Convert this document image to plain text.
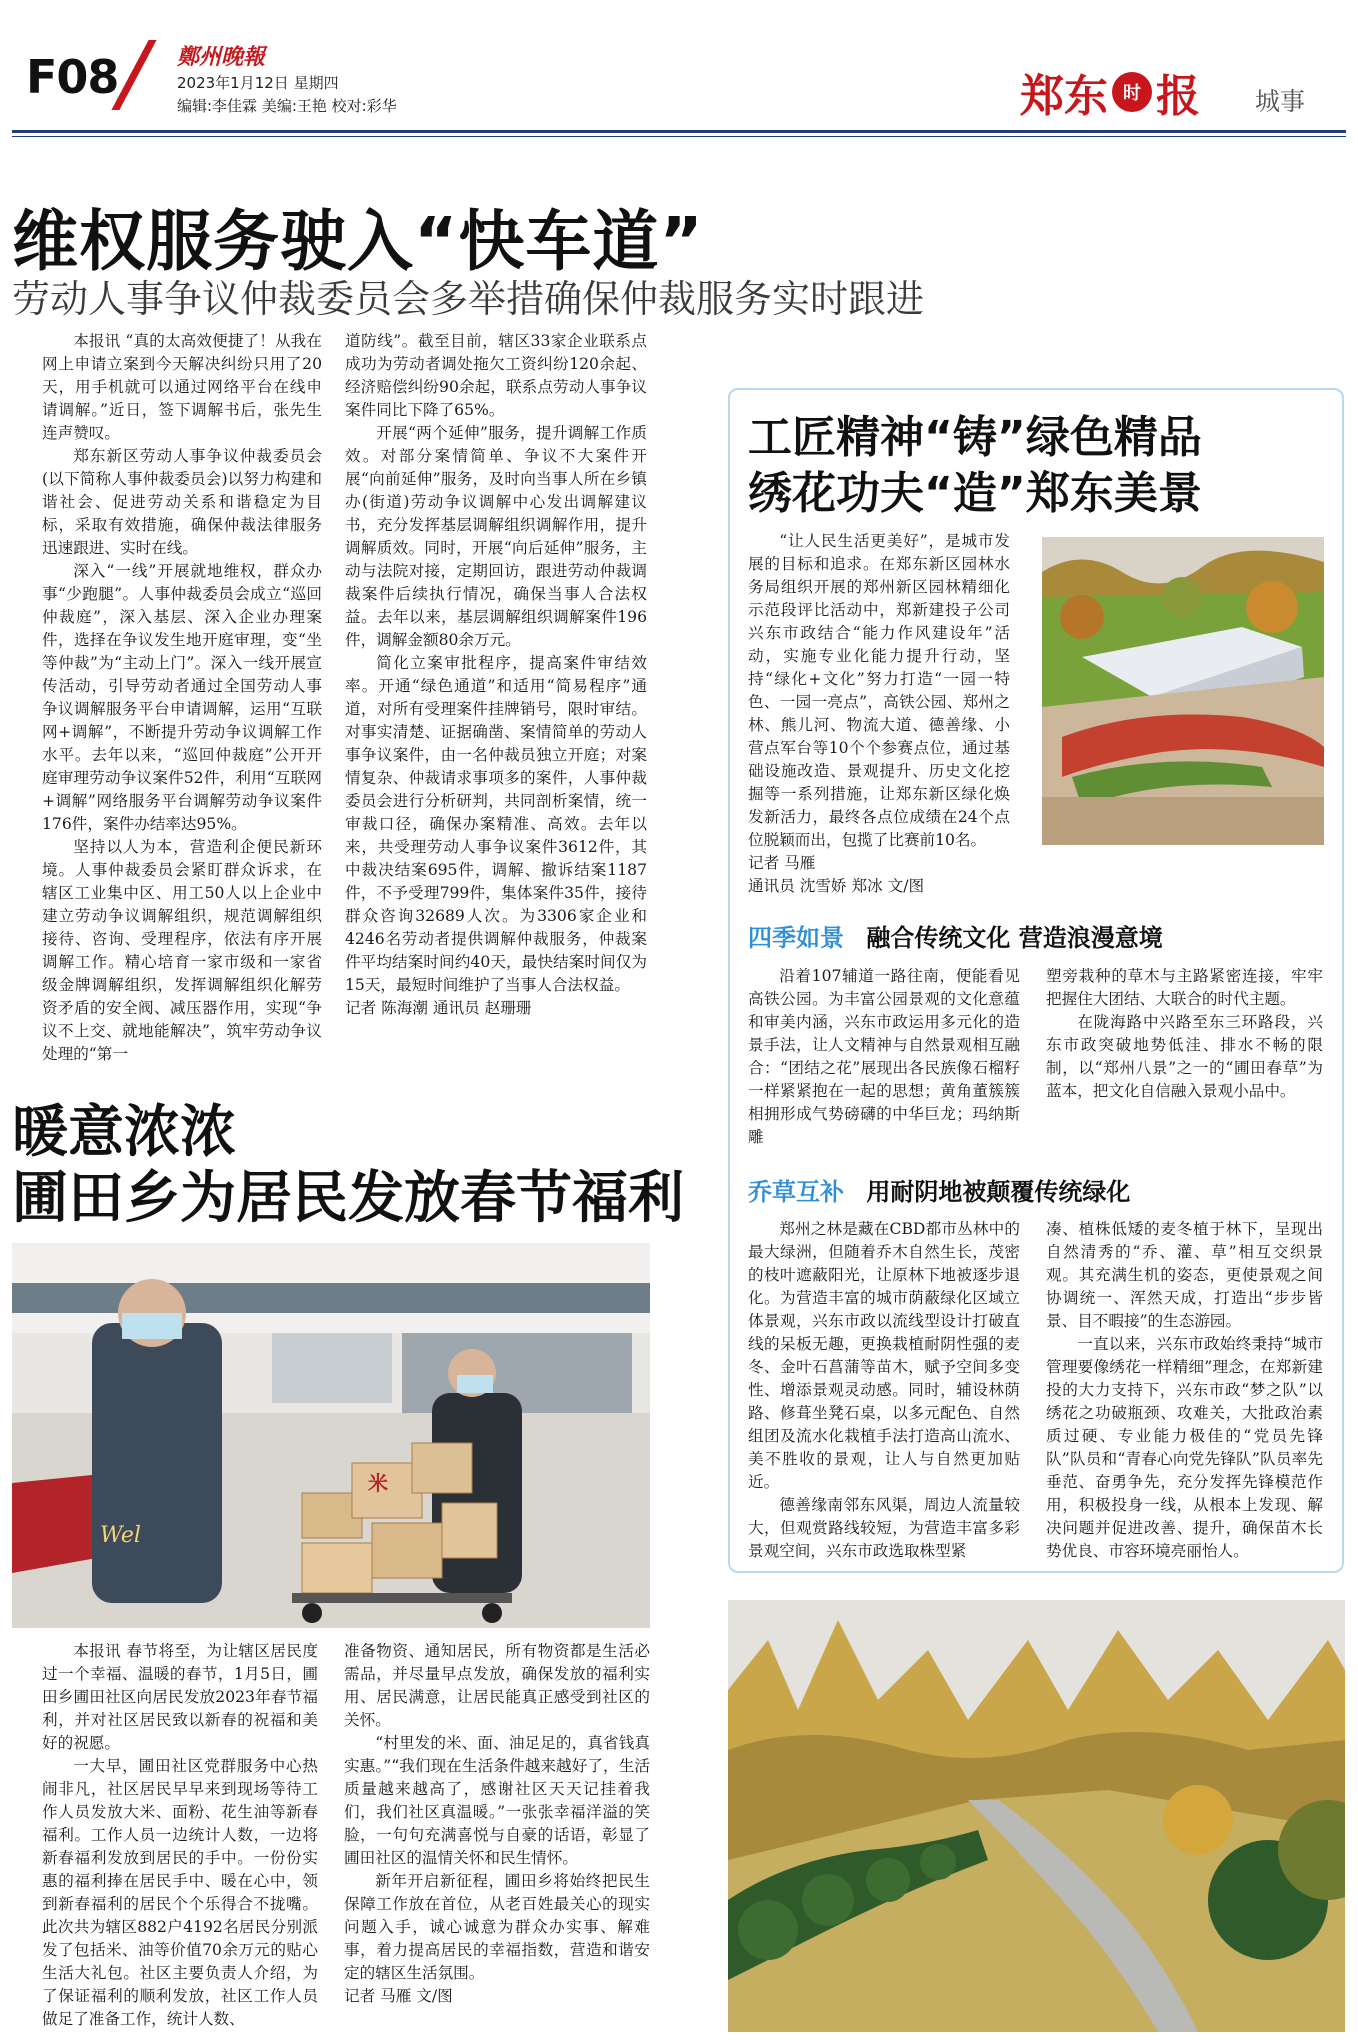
F08	鄭州晚報
2023年1月12日 星期四
编辑:李佳霖 美编:王艳 校对:彩华	郑东 时 报 城事
维权服务驶入“快车道”
劳动人事争议仲裁委员会多举措确保仲裁服务实时跟进

本报讯 “真的太高效便捷了！从我在网上申请立案到今天解决纠纷只用了20天，用手机就可以通过网络平台在线申请调解。”近日，签下调解书后，张先生连声赞叹。

郑东新区劳动人事争议仲裁委员会(以下简称人事仲裁委员会)以努力构建和谐社会、促进劳动关系和谐稳定为目标，采取有效措施，确保仲裁法律服务迅速跟进、实时在线。

深入“一线”开展就地维权，群众办事“少跑腿”。人事仲裁委员会成立“巡回仲裁庭”，深入基层、深入企业办理案件，选择在争议发生地开庭审理，变“坐等仲裁”为“主动上门”。深入一线开展宣传活动，引导劳动者通过全国劳动人事争议调解服务平台申请调解，运用“互联网+调解”，不断提升劳动争议调解工作水平。去年以来，“巡回仲裁庭”公开开庭审理劳动争议案件52件，利用“互联网+调解”网络服务平台调解劳动争议案件176件，案件办结率达95%。

坚持以人为本，营造利企便民新环境。人事仲裁委员会紧盯群众诉求，在辖区工业集中区、用工50人以上企业中建立劳动争议调解组织，规范调解组织接待、咨询、受理程序，依法有序开展调解工作。精心培育一家市级和一家省级金牌调解组织，发挥调解组织化解劳资矛盾的安全阀、减压器作用，实现“争议不上交、就地能解决”，筑牢劳动争议处理的“第一

道防线”。截至目前，辖区33家企业联系点成功为劳动者调处拖欠工资纠纷120余起、经济赔偿纠纷90余起，联系点劳动人事争议案件同比下降了65%。

开展“两个延伸”服务，提升调解工作质效。对部分案情简单、争议不大案件开展“向前延伸”服务，及时向当事人所在乡镇办(街道)劳动争议调解中心发出调解建议书，充分发挥基层调解组织调解作用，提升调解质效。同时，开展“向后延伸”服务，主动与法院对接，定期回访，跟进劳动仲裁调裁案件后续执行情况，确保当事人合法权益。去年以来，基层调解组织调解案件196件，调解金额80余万元。

简化立案审批程序，提高案件审结效率。开通“绿色通道”和适用“简易程序”通道，对所有受理案件挂牌销号，限时审结。对事实清楚、证据确凿、案情简单的劳动人事争议案件，由一名仲裁员独立开庭；对案情复杂、仲裁请求事项多的案件，人事仲裁委员会进行分析研判，共同剖析案情，统一审裁口径，确保办案精准、高效。去年以来，共受理劳动人事争议案件3612件，其中裁决结案695件，调解、撤诉结案1187件，不予受理799件，集体案件35件，接待群众咨询32689人次。为3306家企业和4246名劳动者提供调解仲裁服务，仲裁案件平均结案时间约40天，最快结案时间仅为15天，最短时间维护了当事人合法权益。

记者 陈海潮 通讯员 赵珊珊

工匠精神“铸”绿色精品
绣花功夫“造”郑东美景

“让人民生活更美好”，是城市发展的目标和追求。在郑东新区园林水务局组织开展的郑州新区园林精细化示范段评比活动中，郑新建投子公司兴东市政结合“能力作风建设年”活动，实施专业化能力提升行动，坚持“绿化+文化”努力打造“一园一特色、一园一亮点”，高铁公园、郑州之林、熊儿河、物流大道、德善缘、小营点军台等10个个参赛点位，通过基础设施改造、景观提升、历史文化挖掘等一系列措施，让郑东新区绿化焕发新活力，最终各点位成绩在24个点位脱颖而出，包揽了比赛前10名。

记者 马雁

通讯员 沈雪娇 郑冰 文/图

四季如景 融合传统文化 营造浪漫意境

沿着107辅道一路往南，便能看见高铁公园。为丰富公园景观的文化意蕴和审美内涵，兴东市政运用多元化的造景手法，让人文精神与自然景观相互融合：“团结之花”展现出各民族像石榴籽一样紧紧抱在一起的思想；黄角董簇簇相拥形成气势磅礴的中华巨龙；玛纳斯雕

塑旁栽种的草木与主路紧密连接，牢牢把握住大团结、大联合的时代主题。

在陇海路中兴路至东三环路段，兴东市政突破地势低洼、排水不畅的限制，以“郑州八景”之一的“圃田春草”为蓝本，把文化自信融入景观小品中。

乔草互补 用耐阴地被颠覆传统绿化

郑州之林是藏在CBD都市丛林中的最大绿洲，但随着乔木自然生长，茂密的枝叶遮蔽阳光，让原林下地被逐步退化。为营造丰富的城市荫蔽绿化区域立体景观，兴东市政以流线型设计打破直线的呆板无趣，更换栽植耐阴性强的麦冬、金叶石菖蒲等苗木，赋予空间多变性、增添景观灵动感。同时，辅设林荫路、修葺坐凳石桌，以多元配色、自然组团及流水化栽植手法打造高山流水、美不胜收的景观，让人与自然更加贴近。

德善缘南邻东风渠，周边人流量较大，但观赏路线较短，为营造丰富多彩景观空间，兴东市政选取株型紧

凑、植株低矮的麦冬植于林下，呈现出自然清秀的“乔、灌、草”相互交织景观。其充满生机的姿态，更使景观之间协调统一、浑然天成，打造出“步步皆景、目不暇接”的生态游园。

一直以来，兴东市政始终秉持“城市管理要像绣花一样精细”理念，在郑新建投的大力支持下，兴东市政“梦之队”以绣花之功破瓶颈、攻难关，大批政治素质过硬、专业能力极佳的“党员先锋队”队员和“青春心向党先锋队”队员率先垂范、奋勇争先，充分发挥先锋模范作用，积极投身一线，从根本上发现、解决问题并促进改善、提升，确保苗木长势优良、市容环境亮丽怡人。

暖意浓浓
圃田乡为居民发放春节福利
米
Wel

本报讯 春节将至，为让辖区居民度过一个幸福、温暖的春节，1月5日，圃田乡圃田社区向居民发放2023年春节福利，并对社区居民致以新春的祝福和美好的祝愿。

一大早，圃田社区党群服务中心热闹非凡，社区居民早早来到现场等待工作人员发放大米、面粉、花生油等新春福利。工作人员一边统计人数，一边将新春福利发放到居民的手中。一份份实惠的福利捧在居民手中、暖在心中，领到新春福利的居民个个乐得合不拢嘴。此次共为辖区882户4192名居民分别派发了包括米、油等价值70余万元的贴心生活大礼包。社区主要负责人介绍，为了保证福利的顺利发放，社区工作人员做足了准备工作，统计人数、

准备物资、通知居民，所有物资都是生活必需品，并尽量早点发放，确保发放的福利实用、居民满意，让居民能真正感受到社区的关怀。

“村里发的米、面、油足足的，真省钱真实惠。”“我们现在生活条件越来越好了，生活质量越来越高了，感谢社区天天记挂着我们，我们社区真温暖。”一张张幸福洋溢的笑脸，一句句充满喜悦与自豪的话语，彰显了圃田社区的温情关怀和民生情怀。

新年开启新征程，圃田乡将始终把民生保障工作放在首位，从老百姓最关心的现实问题入手，诚心诚意为群众办实事、解难事，着力提高居民的幸福指数，营造和谐安定的辖区生活氛围。

记者 马雁 文/图
